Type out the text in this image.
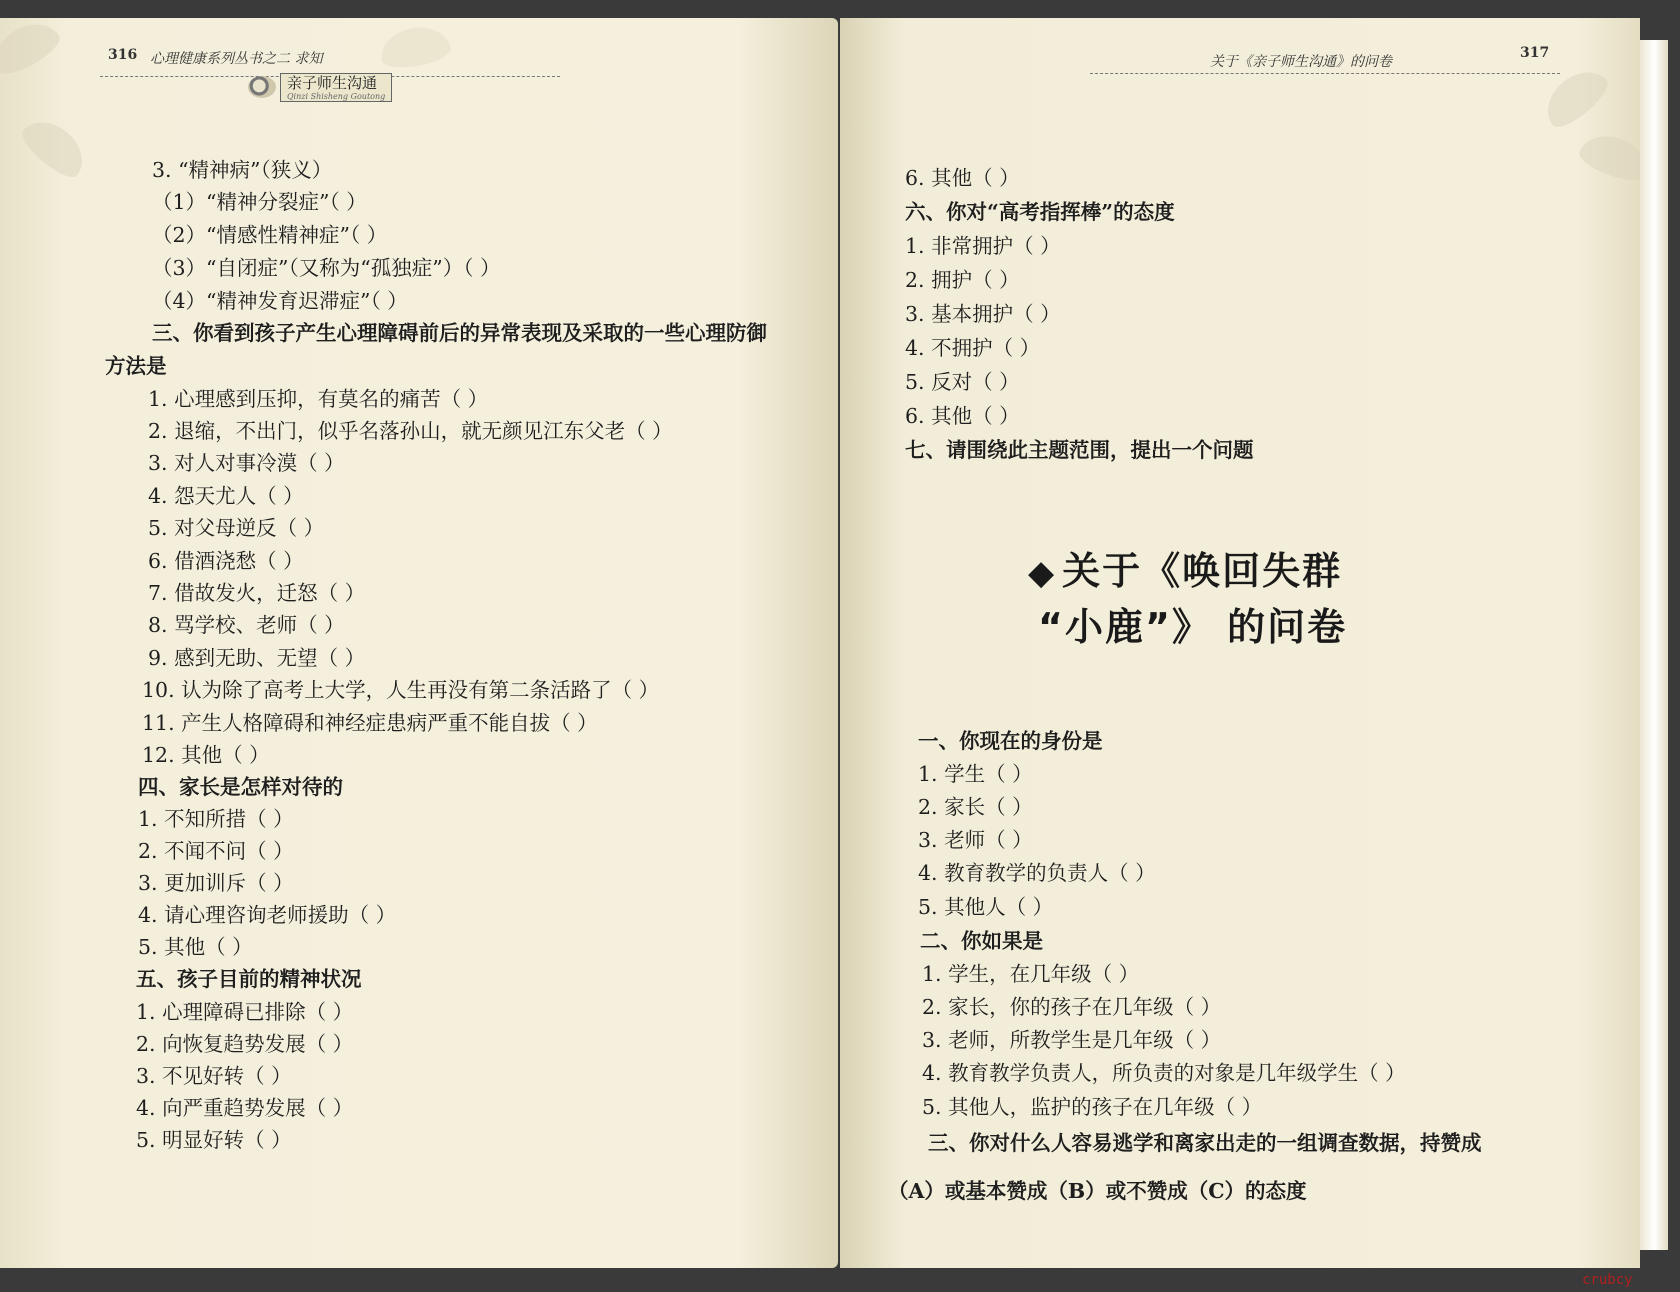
316 心理健康系列丛书之二 求知
亲子师生沟通
Qinzi Shisheng Goutong
3. “精神病”（狭义）
（1）“精神分裂症”（ ）
（2）“情感性精神症”（ ）
（3）“自闭症”（又称为“孤独症”）（ ）
（4）“精神发育迟滞症”（ ）
三、你看到孩子产生心理障碍前后的异常表现及采取的一些心理防御
方法是
1. 心理感到压抑，有莫名的痛苦（ ）
2. 退缩，不出门，似乎名落孙山，就无颜见江东父老（ ）
3. 对人对事冷漠（ ）
4. 怨天尤人（ ）
5. 对父母逆反（ ）
6. 借酒浇愁（ ）
7. 借故发火，迁怒（ ）
8. 骂学校、老师（ ）
9. 感到无助、无望（ ）
10. 认为除了高考上大学，人生再没有第二条活路了（ ）
11. 产生人格障碍和神经症患病严重不能自拔（ ）
12. 其他（ ）
四、家长是怎样对待的
1. 不知所措（ ）
2. 不闻不问（ ）
3. 更加训斥（ ）
4. 请心理咨询老师援助（ ）
5. 其他（ ）
五、孩子目前的精神状况
1. 心理障碍已排除（ ）
2. 向恢复趋势发展（ ）
3. 不见好转（ ）
4. 向严重趋势发展（ ）
5. 明显好转（ ）
关于《亲子师生沟通》的问卷
317
6. 其他（ ）
六、你对“高考指挥棒”的态度
1. 非常拥护（ ）
2. 拥护（ ）
3. 基本拥护（ ）
4. 不拥护（ ）
5. 反对（ ）
6. 其他（ ）
七、请围绕此主题范围，提出一个问题
◆ 关于《唤回失群
“小鹿”》 的问卷
一、你现在的身份是
1. 学生（ ）
2. 家长（ ）
3. 老师（ ）
4. 教育教学的负责人（ ）
5. 其他人（ ）
二、你如果是
1. 学生，在几年级（ ）
2. 家长，你的孩子在几年级（ ）
3. 老师，所教学生是几年级（ ）
4. 教育教学负责人，所负责的对象是几年级学生（ ）
5. 其他人，监护的孩子在几年级（ ）
三、你对什么人容易逃学和离家出走的一组调查数据，持赞成
（A）或基本赞成（B）或不赞成（C）的态度
crubcy
